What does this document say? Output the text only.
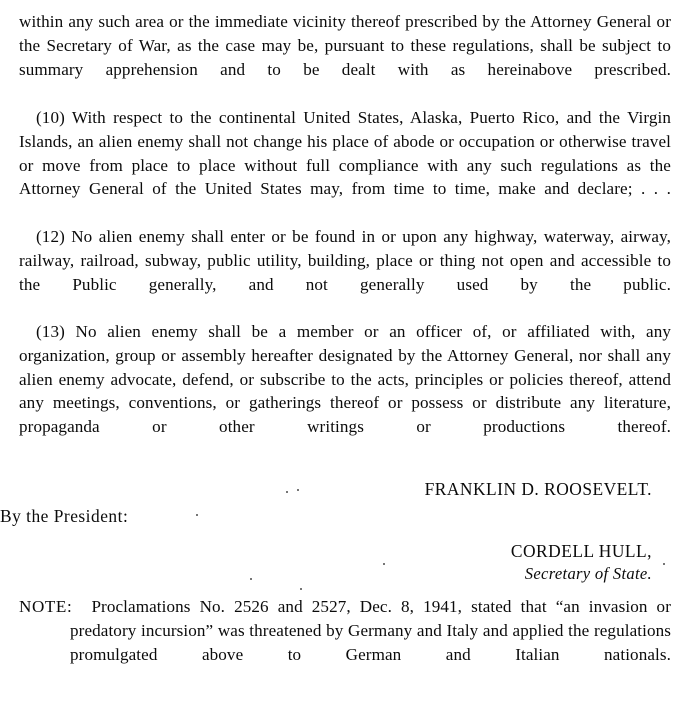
within any such area or the immediate vicinity thereof prescribed by the Attorney General or the Secretary of War, as the case may be, pursuant to these regulations, shall be subject to summary apprehension and to be dealt with as hereinabove prescribed.

(10) With respect to the continental United States, Alaska, Puerto Rico, and the Virgin Islands, an alien enemy shall not change his place of abode or occupation or otherwise travel or move from place to place without full compliance with any such regulations as the Attorney General of the United States may, from time to time, make and declare; . . .

(12) No alien enemy shall enter or be found in or upon any highway, waterway, airway, railway, railroad, subway, public utility, building, place or thing not open and accessible to the Public generally, and not generally used by the public.

(13) No alien enemy shall be a member or an officer of, or affiliated with, any organization, group or assembly hereafter designated by the Attorney General, nor shall any alien enemy advocate, defend, or subscribe to the acts, principles or policies thereof, attend any meetings, conventions, or gatherings thereof or possess or distribute any literature, propaganda or other writings or productions thereof.

FRANKLIN D. ROOSEVELT.
By the President:
CORDELL HULL,
Secretary of State.

NOTE:  Proclamations No. 2526 and 2527, Dec. 8, 1941, stated that “an invasion or predatory incursion” was threatened by Germany and Italy and applied the regulations promulgated above to German and Italian nationals.
